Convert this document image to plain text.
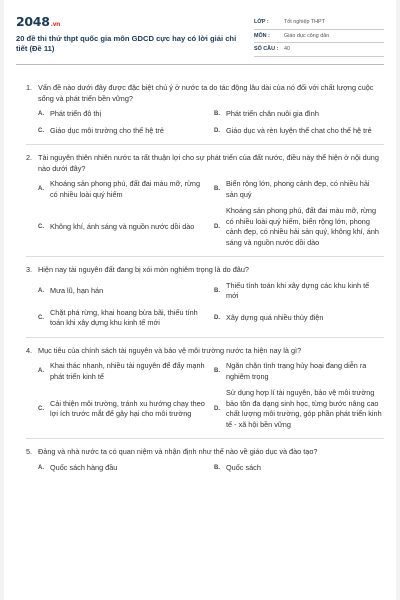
2048.vn
20 đề thi thử thpt quốc gia môn GDCD cực hay có lời giải chi tiết (Đề 11)
LỚP :	Tốt nghiệp THPT
MÔN :	Giáo dục công dân
SỐ CÂU :	40
1. Vấn đề nào dưới đây được đặc biệt chú ý ở nước ta do tác động lâu dài của nó đối với chất lượng cuộc sống và phát triển bền vững?
A. Phát triển đô thị	B. Phát triển chăn nuôi gia đình
C. Giáo dục môi trường cho thế hệ trẻ	D. Giáo dục và rèn luyện thể chat cho thế hệ trẻ
2. Tài nguyên thiên nhiên nước ta rất thuận lợi cho sự phát triển của đất nước, điều này thể hiện ở nội dung nào dưới đây?
A.
Khoáng sản phong phú, đất đai màu mỡ, rừng có nhiều loài quý hiếm
B.
Biển rộng lớn, phong cảnh đẹp, có nhiều hải sản quý
C. Không khí, ánh sáng và nguồn nước dồi dào	D.
Khoáng sản phong phú, đất đai màu mỡ, rừng có nhiều loài quý hiếm, biển rộng lớn, phong cảnh đẹp, có nhiều hải sản quý, không khí, ánh sáng và nguồn nước dồi dào
3. Hiện nay tài nguyên đất đang bị xói mòn nghiêm trọng là do đâu?
A. Mưa lũ, hạn hán	B.
Thiếu tính toán khi xây dựng các khu kinh tế mới
C.
Chặt phá rừng, khai hoang bừa bãi, thiếu tính toán khi xây dựng khu kinh tế mới
D. Xây dựng quá nhiều thủy điện
4. Mục tiêu của chính sách tài nguyên và bảo vệ môi trường nước ta hiện nay là gì?
A.
Khai thác nhanh, nhiều tài nguyên để đẩy mạnh phát triển kinh tế
B.
Ngăn chặn tình trạng hủy hoại đang diễn ra nghiêm trọng
C.
Cải thiện môi trường, tránh xu hướng chạy theo lợi ích trước mắt để gây hại cho môi trường
D.
Sử dụng hợp lí tài nguyên, bảo vệ môi trường bảo tồn đa dạng sinh học, từng bước nâng cao chất lượng môi trường, góp phần phát triển kinh tế - xã hội bền vững
5. Đảng và nhà nước ta có quan niệm và nhận định như thế nào về giáo dục và đào tạo?
A. Quốc sách hàng đầu	B. Quốc sách
